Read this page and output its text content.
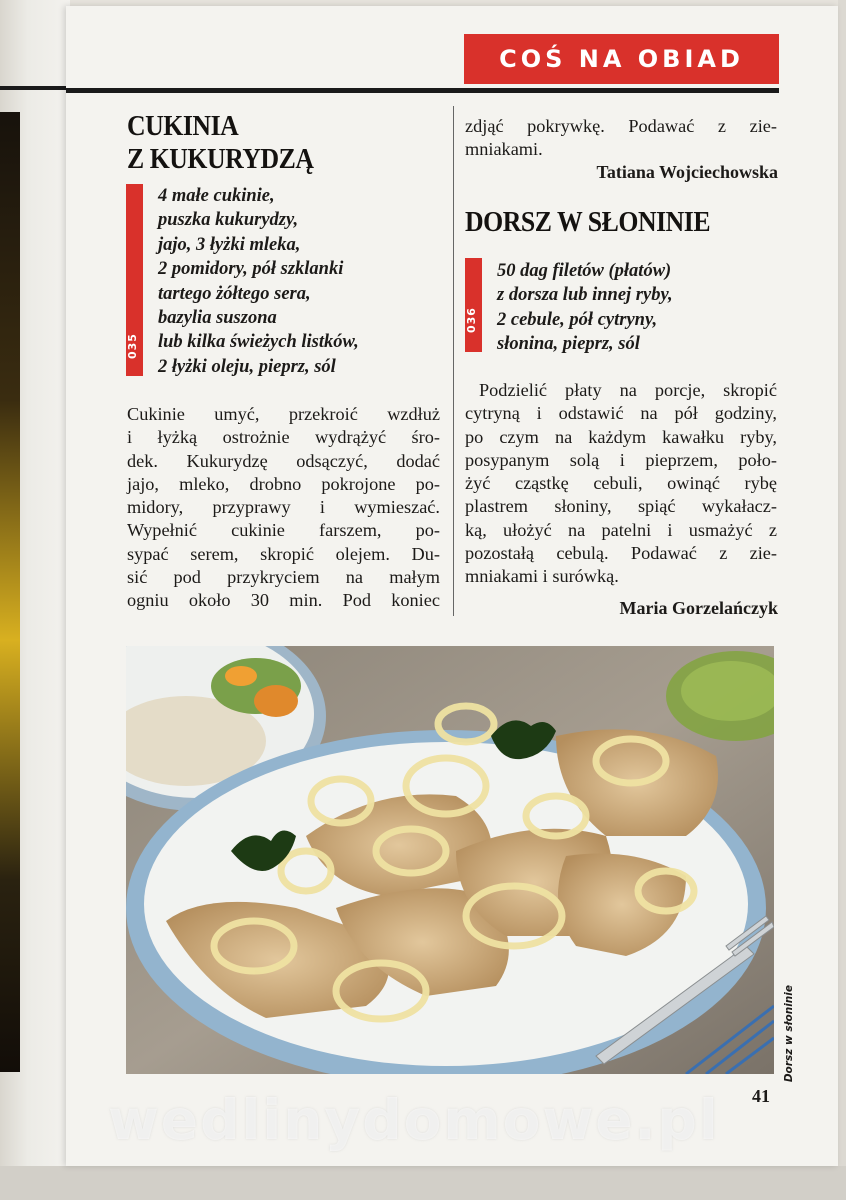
COŚ NA OBIAD
CUKINIA
Z KUKURYDZĄ
035
4 małe cukinie,
puszka kukurydzy,
jajo, 3 łyżki mleka,
2 pomidory, pół szklanki
tartego żółtego sera,
bazylia suszona
lub kilka świeżych listków,
2 łyżki oleju, pieprz, sól

Cukinie umyć, przekroić wzdłuż
i łyżką ostrożnie wydrążyć śro-
dek. Kukurydzę odsączyć, dodać
jajo, mleko, drobno pokrojone po-
midory, przyprawy i wymieszać.
Wypełnić cukinie farszem, po-
sypać serem, skropić olejem. Du-
sić pod przykryciem na małym
ogniu około 30 min. Pod koniec

zdjąć pokrywkę. Podawać z zie-
mniakami.

Tatiana Wojciechowska
DORSZ W SŁONINIE
036
50 dag filetów (płatów)
z dorsza lub innej ryby,
2 cebule, pół cytryny,
słonina, pieprz, sól

Podzielić płaty na porcje, skropić
cytryną i odstawić na pół godziny,
po czym na każdym kawałku ryby,
posypanym solą i pieprzem, poło-
żyć cząstkę cebuli, owinąć rybę
plastrem słoniny, spiąć wykałacz-
ką, ułożyć na patelni i usmażyć z
pozostałą cebulą. Podawać z zie-
mniakami i surówką.

Maria Gorzelańczyk
Dorsz w słoninie
41
wedlinydomowe.pl
